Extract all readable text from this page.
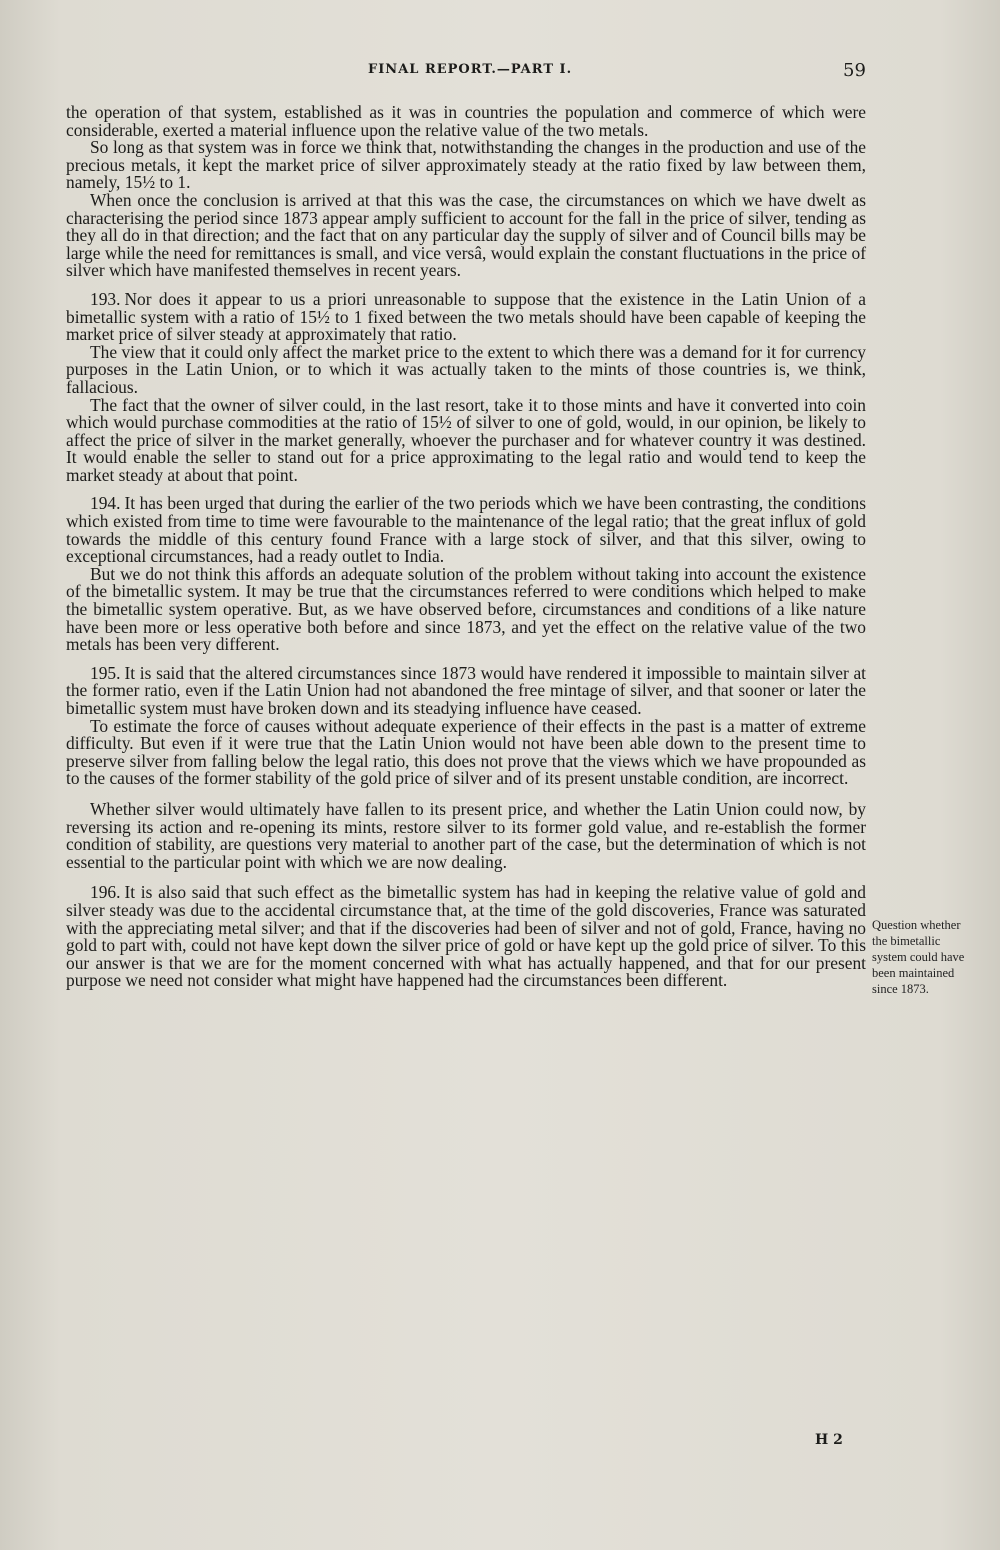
FINAL REPORT.—PART I.	59

the operation of that system, established as it was in countries the population and commerce of which were considerable, exerted a material influence upon the relative value of the two metals.

So long as that system was in force we think that, notwithstanding the changes in the production and use of the precious metals, it kept the market price of silver approximately steady at the ratio fixed by law between them, namely, 15½ to 1.

When once the conclusion is arrived at that this was the case, the circumstances on which we have dwelt as characterising the period since 1873 appear amply sufficient to account for the fall in the price of silver, tending as they all do in that direction; and the fact that on any particular day the supply of silver and of Council bills may be large while the need for remittances is small, and vice versâ, would explain the constant fluctuations in the price of silver which have manifested themselves in recent years.

193. Nor does it appear to us a priori unreasonable to suppose that the existence in the Latin Union of a bimetallic system with a ratio of 15½ to 1 fixed between the two metals should have been capable of keeping the market price of silver steady at approximately that ratio.

The view that it could only affect the market price to the extent to which there was a demand for it for currency purposes in the Latin Union, or to which it was actually taken to the mints of those countries is, we think, fallacious.

The fact that the owner of silver could, in the last resort, take it to those mints and have it converted into coin which would purchase commodities at the ratio of 15½ of silver to one of gold, would, in our opinion, be likely to affect the price of silver in the market generally, whoever the purchaser and for whatever country it was destined. It would enable the seller to stand out for a price approximating to the legal ratio and would tend to keep the market steady at about that point.

194. It has been urged that during the earlier of the two periods which we have been contrasting, the conditions which existed from time to time were favourable to the maintenance of the legal ratio; that the great influx of gold towards the middle of this century found France with a large stock of silver, and that this silver, owing to exceptional circumstances, had a ready outlet to India.

But we do not think this affords an adequate solution of the problem without taking into account the existence of the bimetallic system. It may be true that the circumstances referred to were conditions which helped to make the bimetallic system operative. But, as we have observed before, circumstances and conditions of a like nature have been more or less operative both before and since 1873, and yet the effect on the relative value of the two metals has been very different.

195. It is said that the altered circumstances since 1873 would have rendered it impossible to maintain silver at the former ratio, even if the Latin Union had not abandoned the free mintage of silver, and that sooner or later the bimetallic system must have broken down and its steadying influence have ceased.

To estimate the force of causes without adequate experience of their effects in the past is a matter of extreme difficulty. But even if it were true that the Latin Union would not have been able down to the present time to preserve silver from falling below the legal ratio, this does not prove that the views which we have propounded as to the causes of the former stability of the gold price of silver and of its present unstable condition, are incorrect.

Whether silver would ultimately have fallen to its present price, and whether the Latin Union could now, by reversing its action and re-opening its mints, restore silver to its former gold value, and re-establish the former condition of stability, are questions very material to another part of the case, but the determination of which is not essential to the particular point with which we are now dealing.

196. It is also said that such effect as the bimetallic system has had in keeping the relative value of gold and silver steady was due to the accidental circumstance that, at the time of the gold discoveries, France was saturated with the appreciating metal silver; and that if the discoveries had been of silver and not of gold, France, having no gold to part with, could not have kept down the silver price of gold or have kept up the gold price of silver. To this our answer is that we are for the moment concerned with what has actually happened, and that for our present purpose we need not consider what might have happened had the circumstances been different.

Question whether the bimetallic system could have been maintained since 1873.
H 2
